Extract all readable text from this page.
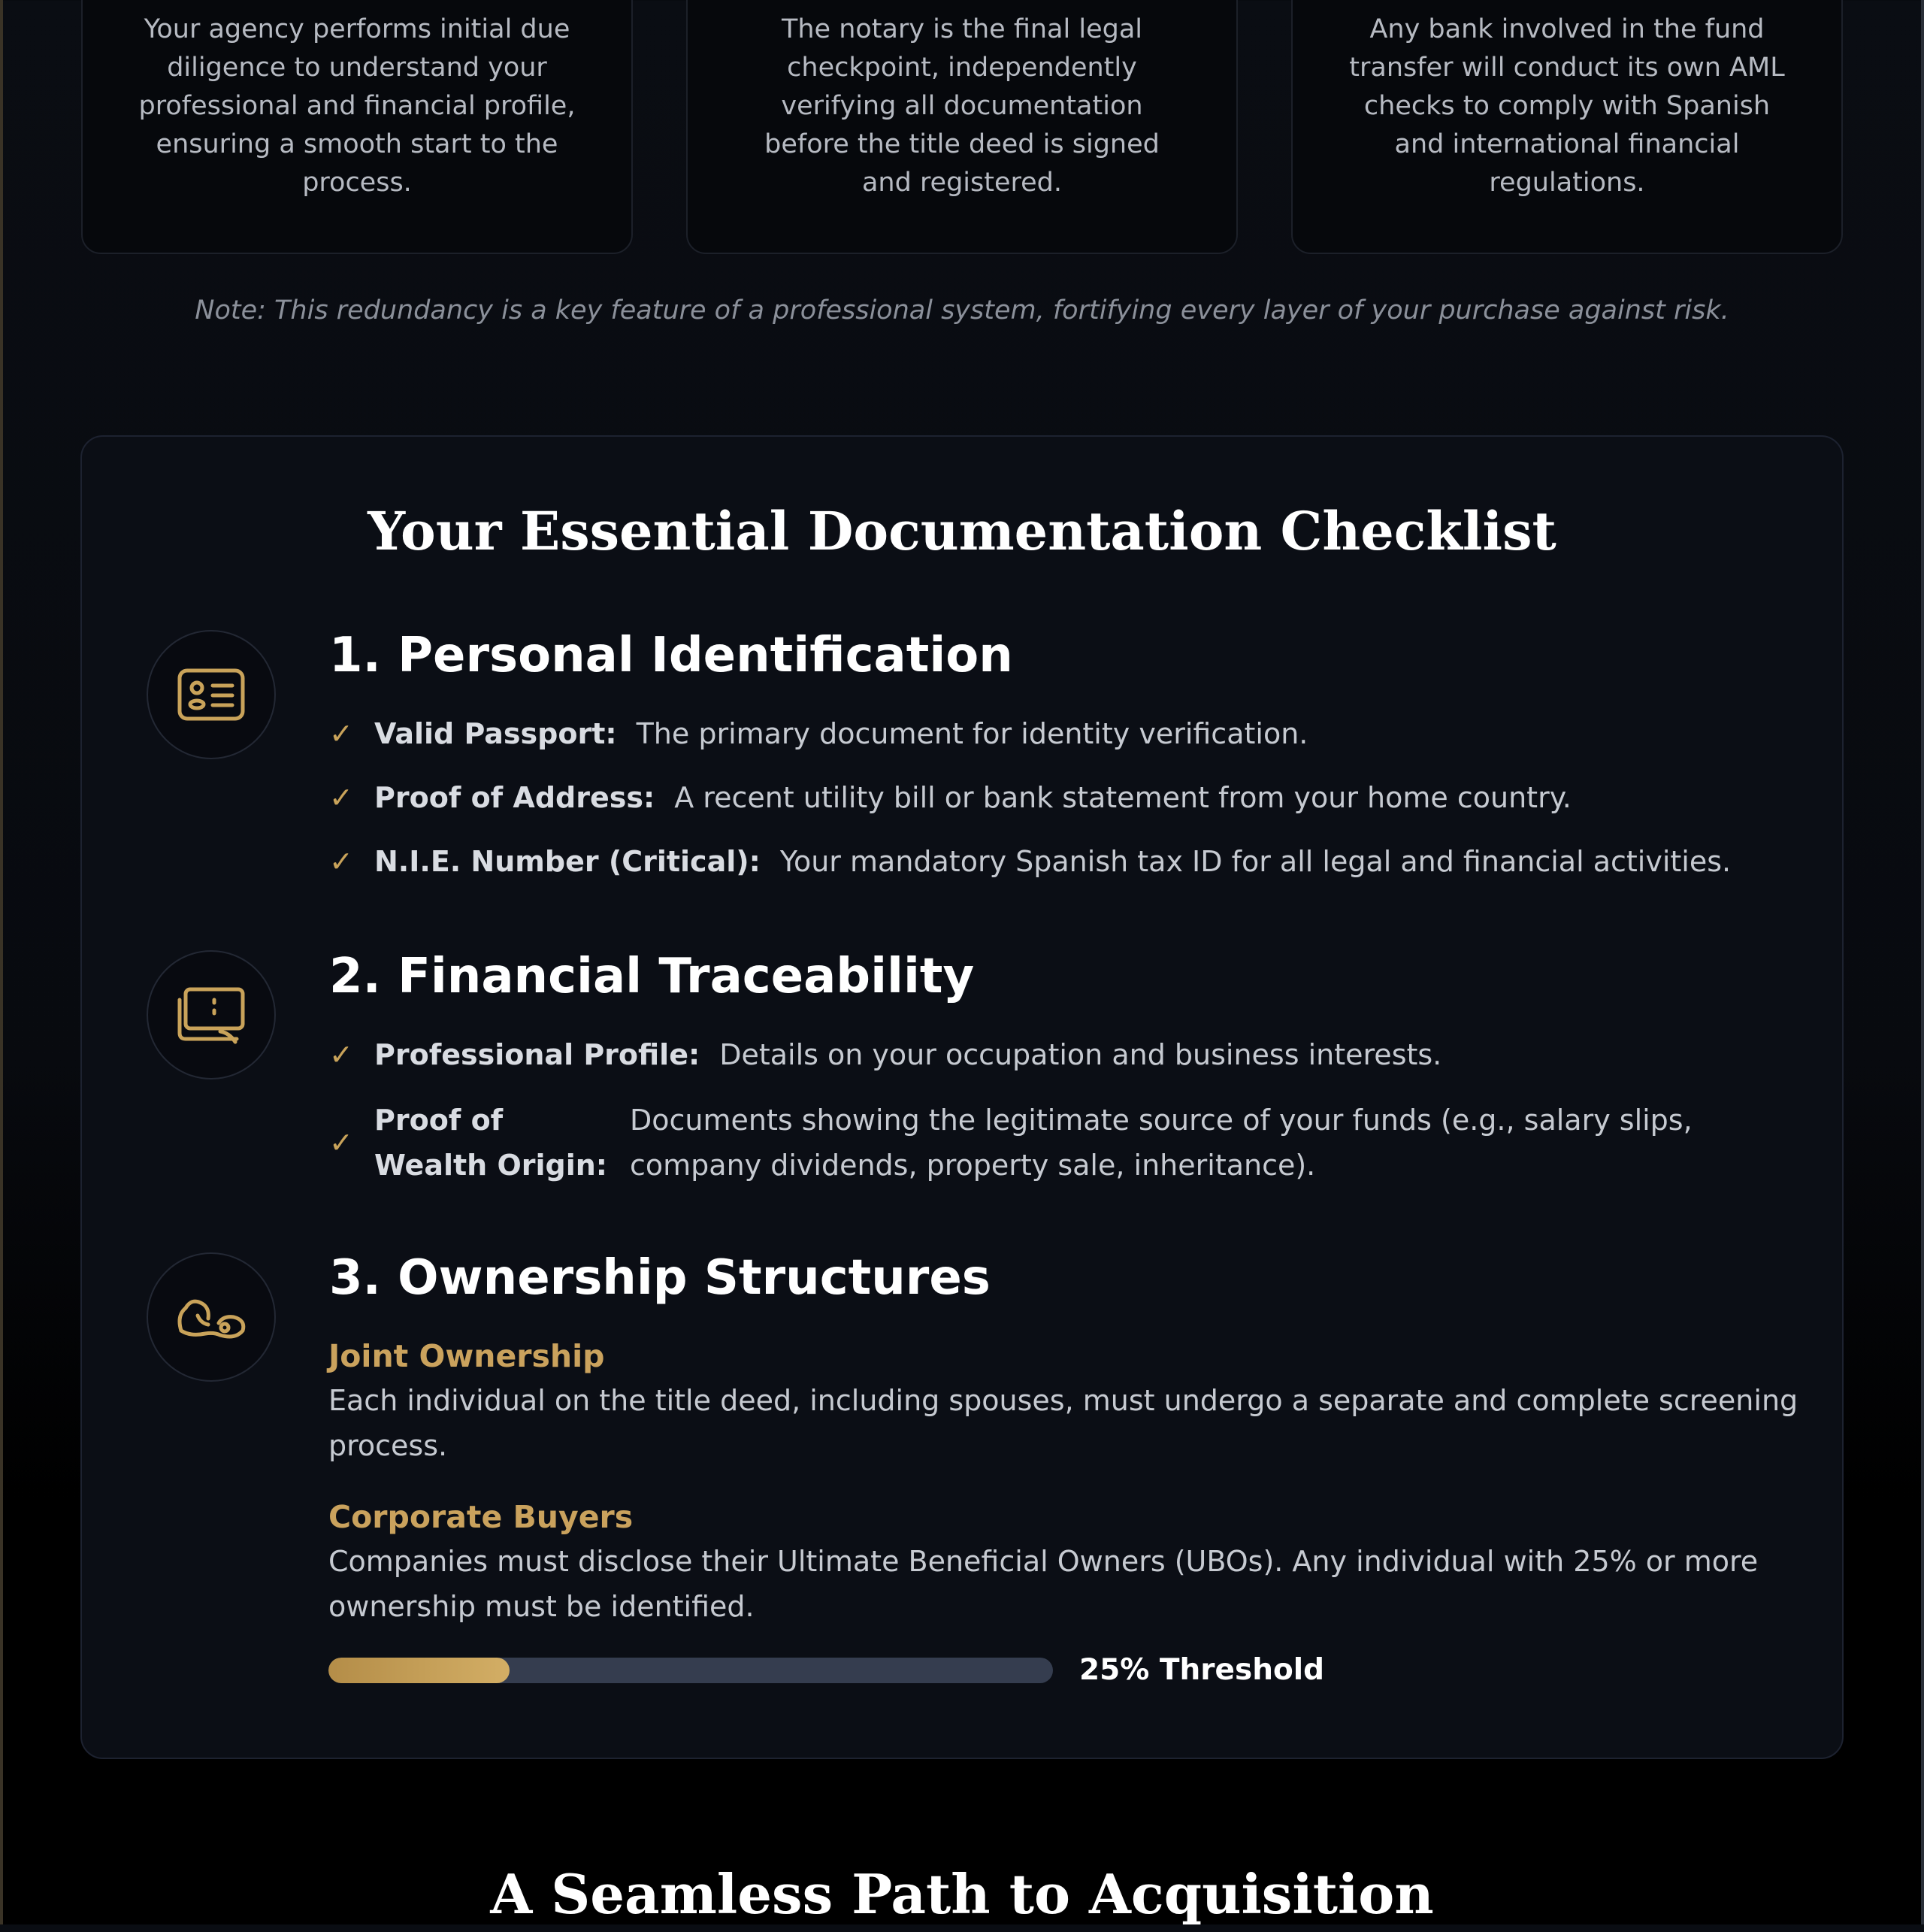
Your agency performs initial due diligence to understand your professional and financial profile, ensuring a smooth start to the process.

The notary is the final legal checkpoint, independently verifying all documentation before the title deed is signed and registered.

Any bank involved in the fund transfer will conduct its own AML checks to comply with Spanish and international financial regulations.

Note: This redundancy is a key feature of a professional system, fortifying every layer of your purchase against risk.
Your Essential Documentation Checklist
1. Personal Identification
✓ Valid Passport: The primary document for identity verification.
✓ Proof of Address: A recent utility bill or bank statement from your home country.
✓ N.I.E. Number (Critical): Your mandatory Spanish tax ID for all legal and financial activities.
2. Financial Traceability
✓ Professional Profile: Details on your occupation and business interests.
✓
Proof of Wealth Origin:
Documents showing the legitimate source of your funds (e.g., salary slips, company dividends, property sale, inheritance).
3. Ownership Structures
Joint Ownership

Each individual on the title deed, including spouses, must undergo a separate and complete screening process.

Corporate Buyers

Companies must disclose their Ultimate Beneficial Owners (UBOs). Any individual with 25% or more ownership must be identified.

25% Threshold
A Seamless Path to Acquisition
